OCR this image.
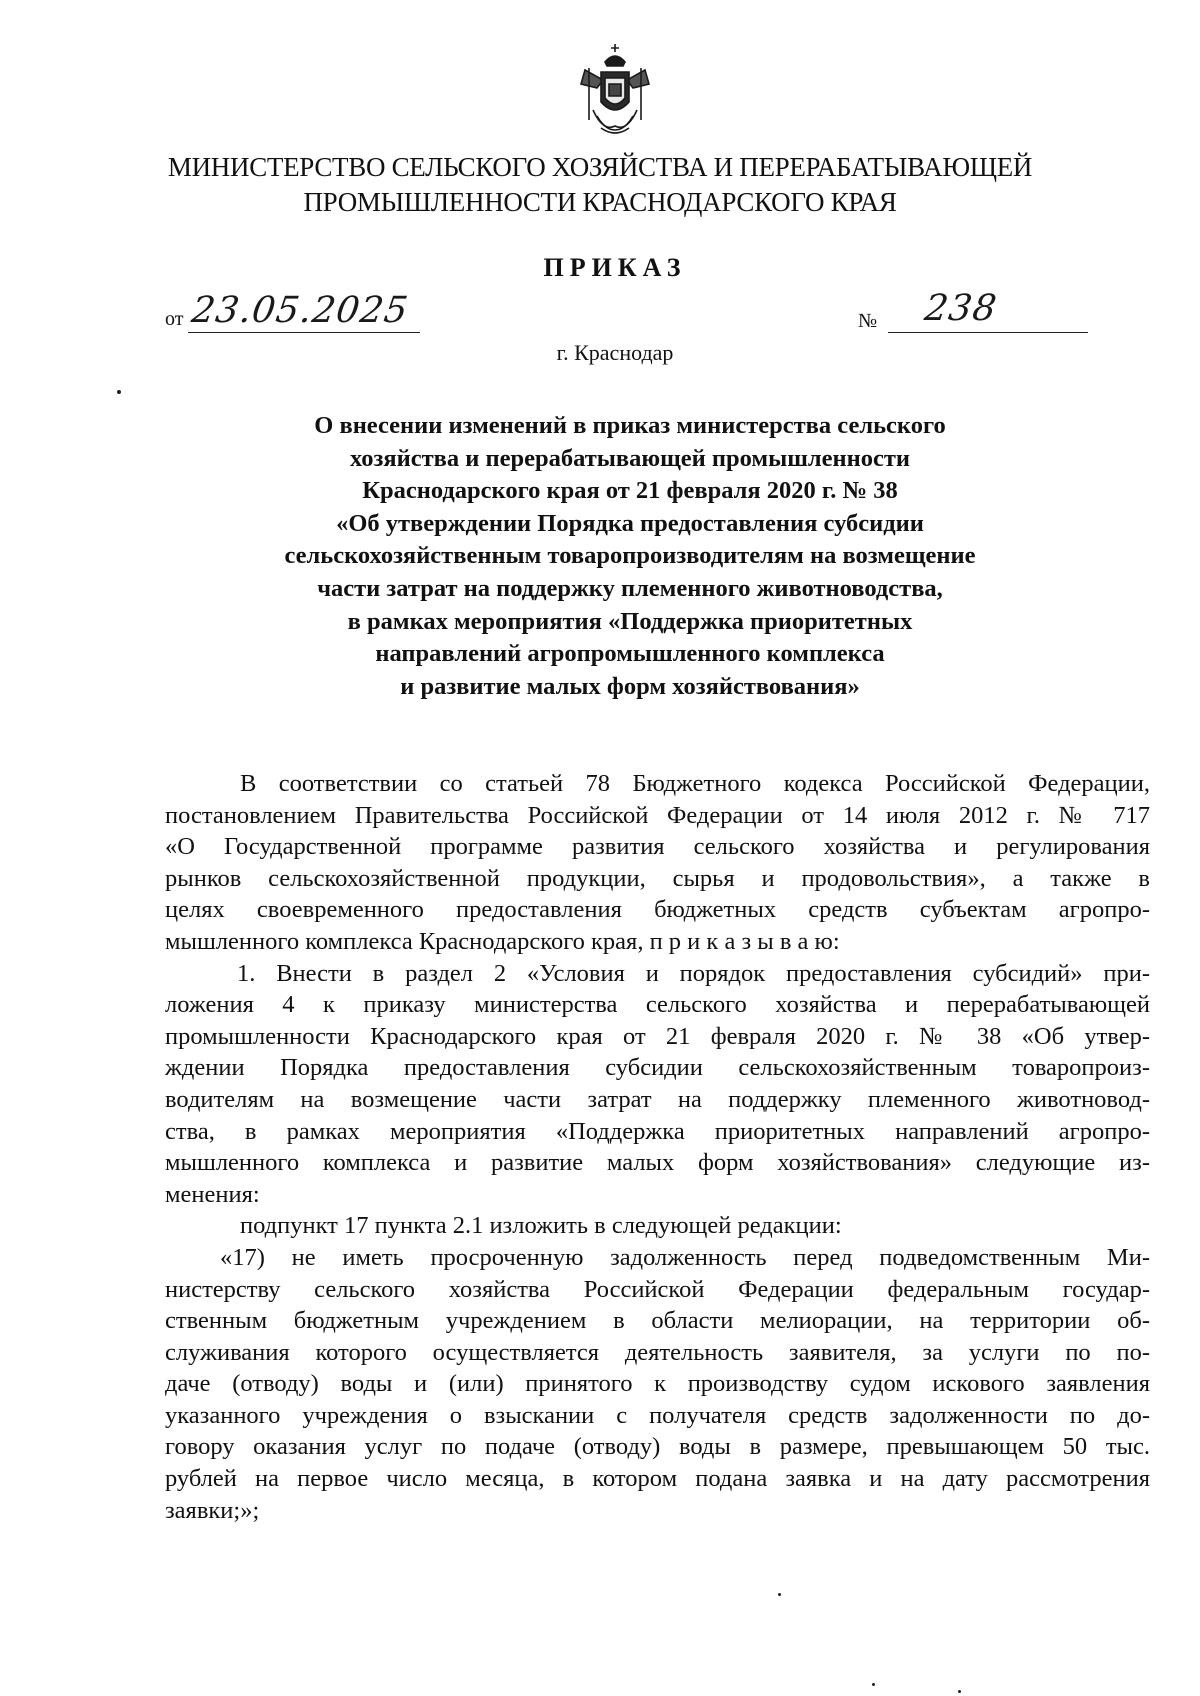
МИНИСТЕРСТВО СЕЛЬСКОГО ХОЗЯЙСТВА И ПЕРЕРАБАТЫВАЮЩЕЙ
ПРОМЫШЛЕННОСТИ КРАСНОДАРСКОГО КРАЯ
ПРИКАЗ
от 23.05.2025	№ 238
г. Краснодар
О внесении изменений в приказ министерства сельского
хозяйства и перерабатывающей промышленности
Краснодарского края от 21 февраля 2020 г. № 38
«Об утверждении Порядка предоставления субсидии
сельскохозяйственным товаропроизводителям на возмещение
части затрат на поддержку племенного животноводства,
в рамках мероприятия «Поддержка приоритетных
направлений агропромышленного комплекса
и развитие малых форм хозяйствования»
В соответствии со статьей 78 Бюджетного кодекса Российской Федерации,
постановлением Правительства Российской Федерации от 14 июля 2012 г. № 717
«О Государственной программе развития сельского хозяйства и регулирования
рынков сельскохозяйственной продукции, сырья и продовольствия», а также в
целях своевременного предоставления бюджетных средств субъектам агропро-
мышленного комплекса Краснодарского края, п р и к а з ы в а ю:
1. Внести в раздел 2 «Условия и порядок предоставления субсидий» при-
ложения 4 к приказу министерства сельского хозяйства и перерабатывающей
промышленности Краснодарского края от 21 февраля 2020 г. № 38 «Об утвер-
ждении Порядка предоставления субсидии сельскохозяйственным товаропроиз-
водителям на возмещение части затрат на поддержку племенного животновод-
ства, в рамках мероприятия «Поддержка приоритетных направлений агропро-
мышленного комплекса и развитие малых форм хозяйствования» следующие из-
менения:
подпункт 17 пункта 2.1 изложить в следующей редакции:
«17) не иметь просроченную задолженность перед подведомственным Ми-
нистерству сельского хозяйства Российской Федерации федеральным государ-
ственным бюджетным учреждением в области мелиорации, на территории об-
служивания которого осуществляется деятельность заявителя, за услуги по по-
даче (отводу) воды и (или) принятого к производству судом искового заявления
указанного учреждения о взыскании с получателя средств задолженности по до-
говору оказания услуг по подаче (отводу) воды в размере, превышающем 50 тыс.
рублей на первое число месяца, в котором подана заявка и на дату рассмотрения
заявки;»;
